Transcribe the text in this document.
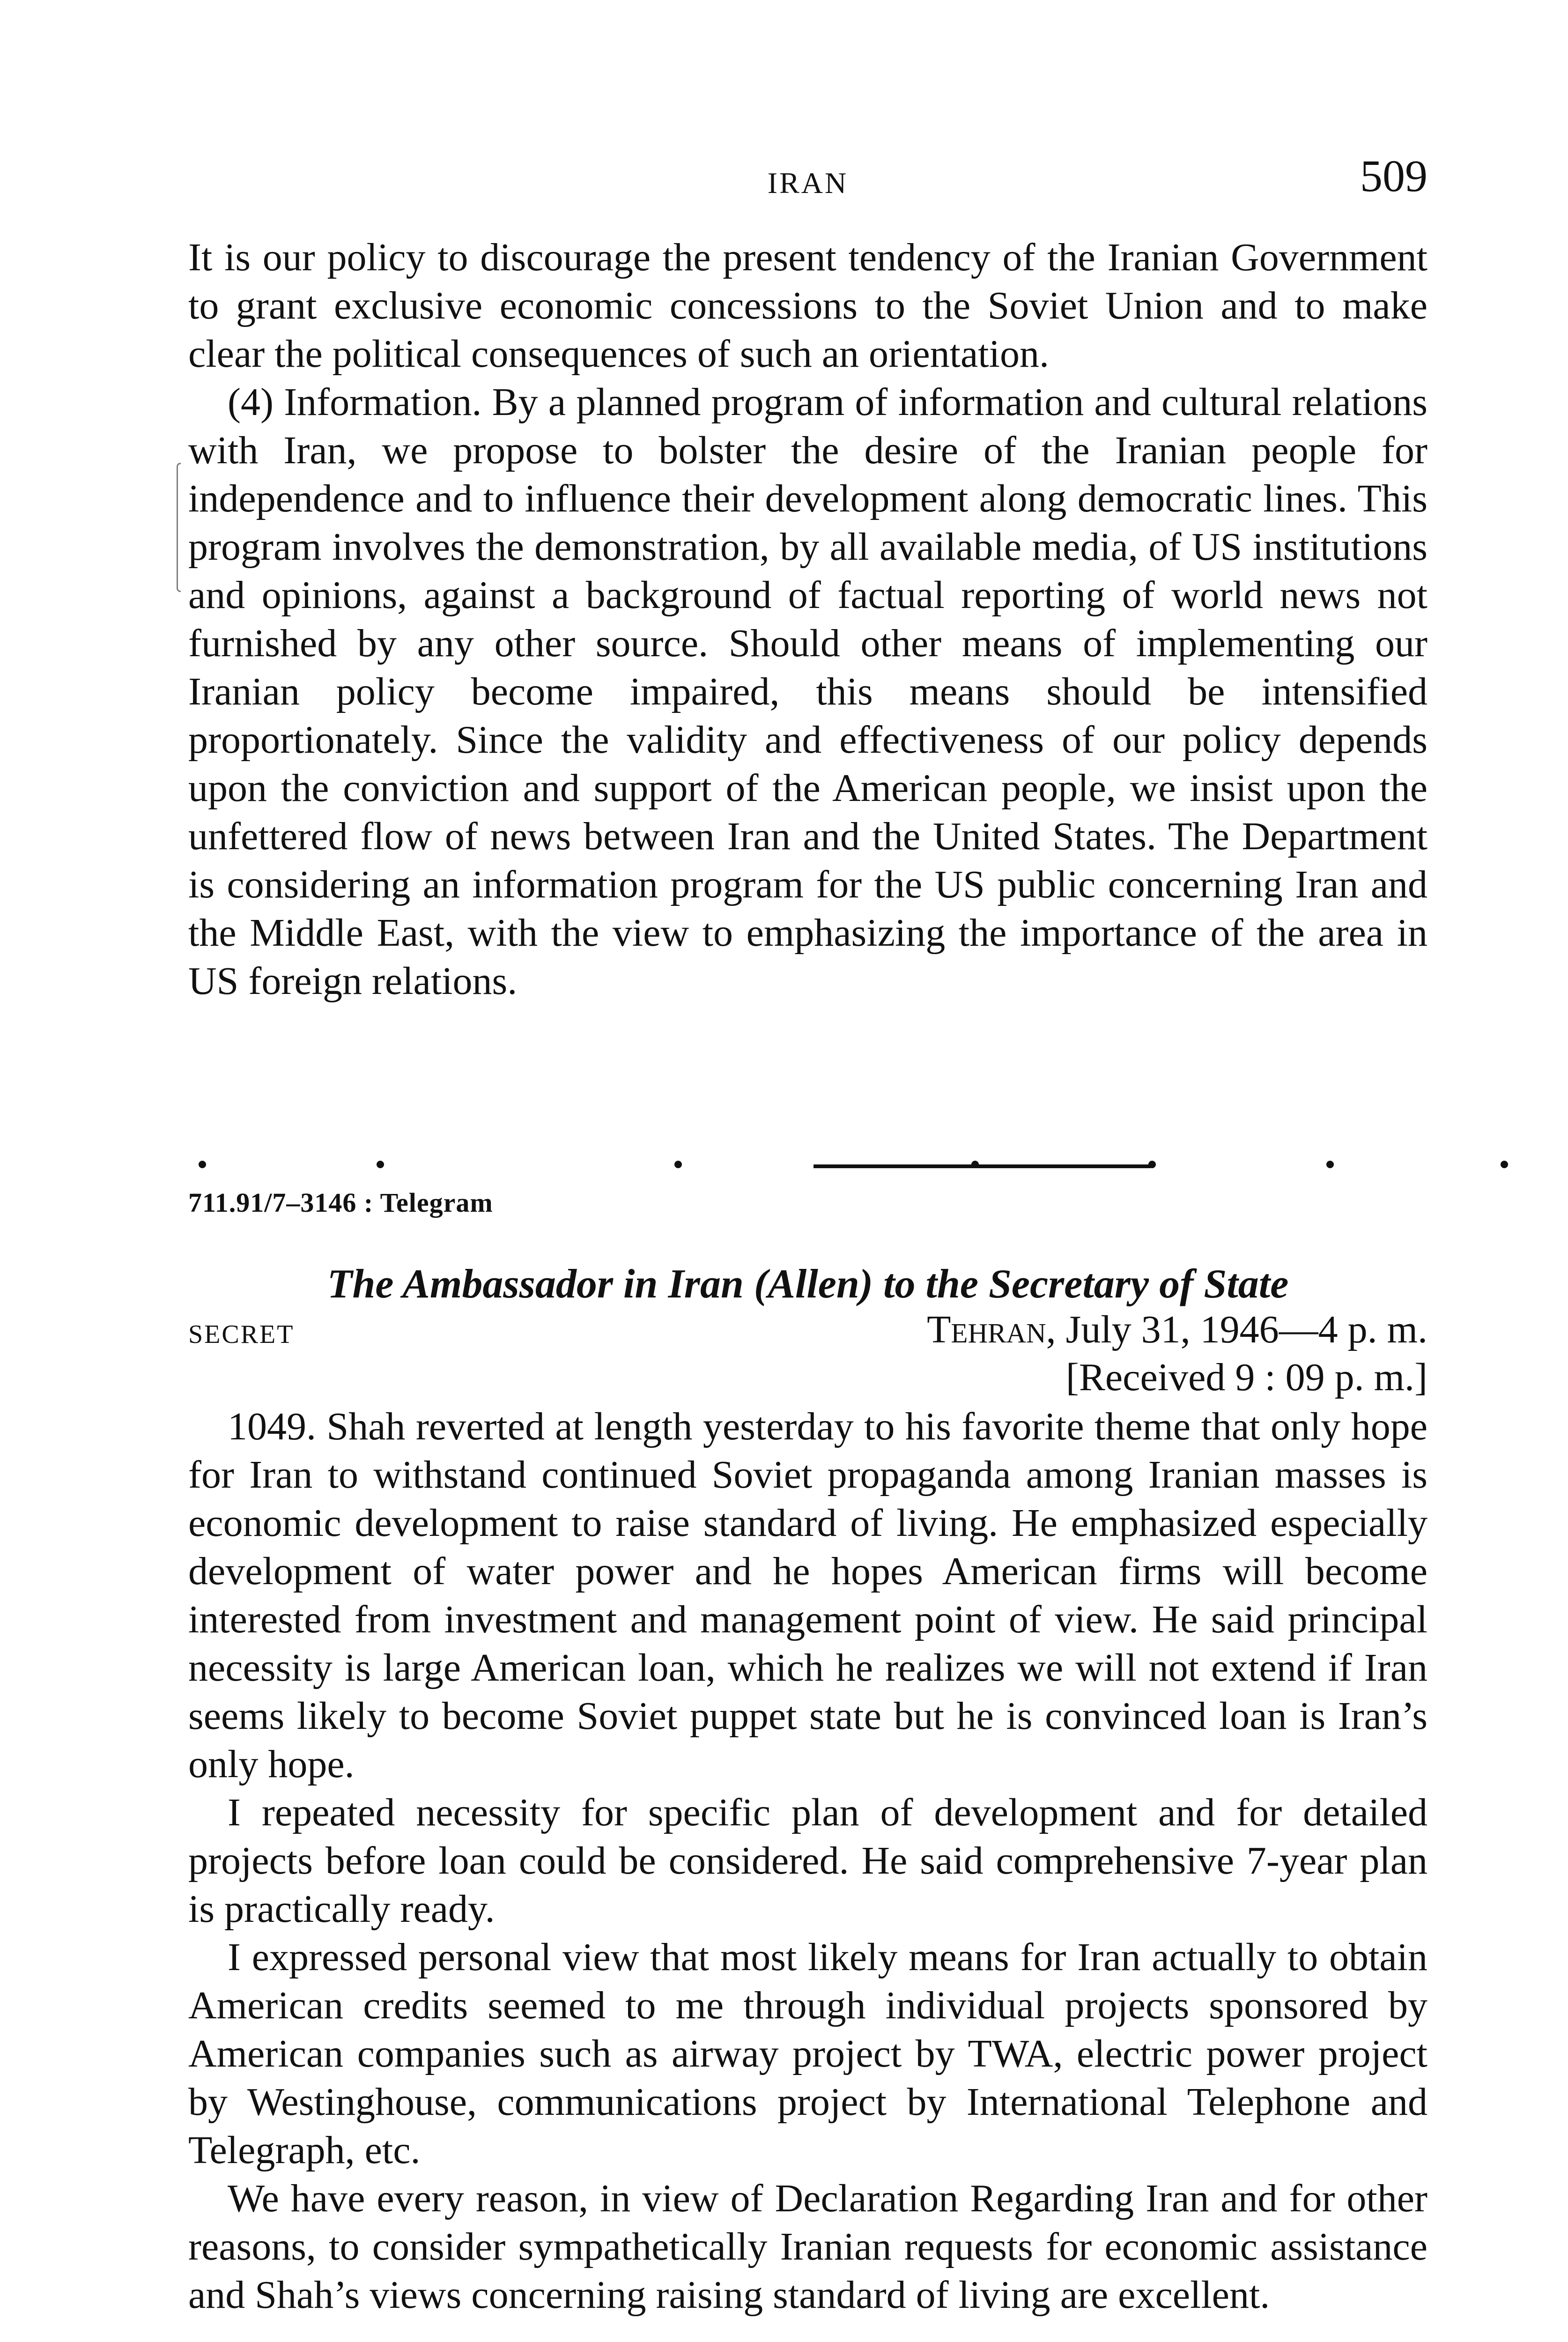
IRAN	509

It is our policy to discourage the present tendency of the Iranian Government to grant exclusive economic concessions to the Soviet Union and to make clear the political consequences of such an orientation.

(4) Information. By a planned program of information and cultural relations with Iran, we propose to bolster the desire of the Iranian people for independence and to influence their development along democratic lines. This program involves the demonstration, by all available media, of US institutions and opinions, against a background of factual reporting of world news not furnished by any other source. Should other means of implementing our Iranian policy become impaired, this means should be intensified proportionately. Since the validity and effectiveness of our policy depends upon the conviction and support of the American people, we insist upon the unfettered flow of news between Iran and the United States. The Department is considering an information program for the US public concerning Iran and the Middle East, with the view to emphasizing the importance of the area in US foreign relations.

711.91/7–3146 : Telegram
The Ambassador in Iran (Allen) to the Secretary of State
SECRET	Tehran, July 31, 1946—4 p. m.
[Received 9 : 09 p. m.]

1049. Shah reverted at length yesterday to his favorite theme that only hope for Iran to withstand continued Soviet propaganda among Iranian masses is economic development to raise standard of living. He emphasized especially development of water power and he hopes American firms will become interested from investment and management point of view. He said principal necessity is large American loan, which he realizes we will not extend if Iran seems likely to become Soviet puppet state but he is convinced loan is Iran’s only hope.

I repeated necessity for specific plan of development and for detailed projects before loan could be considered. He said comprehensive 7-year plan is practically ready.

I expressed personal view that most likely means for Iran actually to obtain American credits seemed to me through individual projects sponsored by American companies such as airway project by TWA, electric power project by Westinghouse, communications project by International Telephone and Telegraph, etc.

We have every reason, in view of Declaration Regarding Iran and for other reasons, to consider sympathetically Iranian requests for economic assistance and Shah’s views concerning raising standard of living are excellent.
